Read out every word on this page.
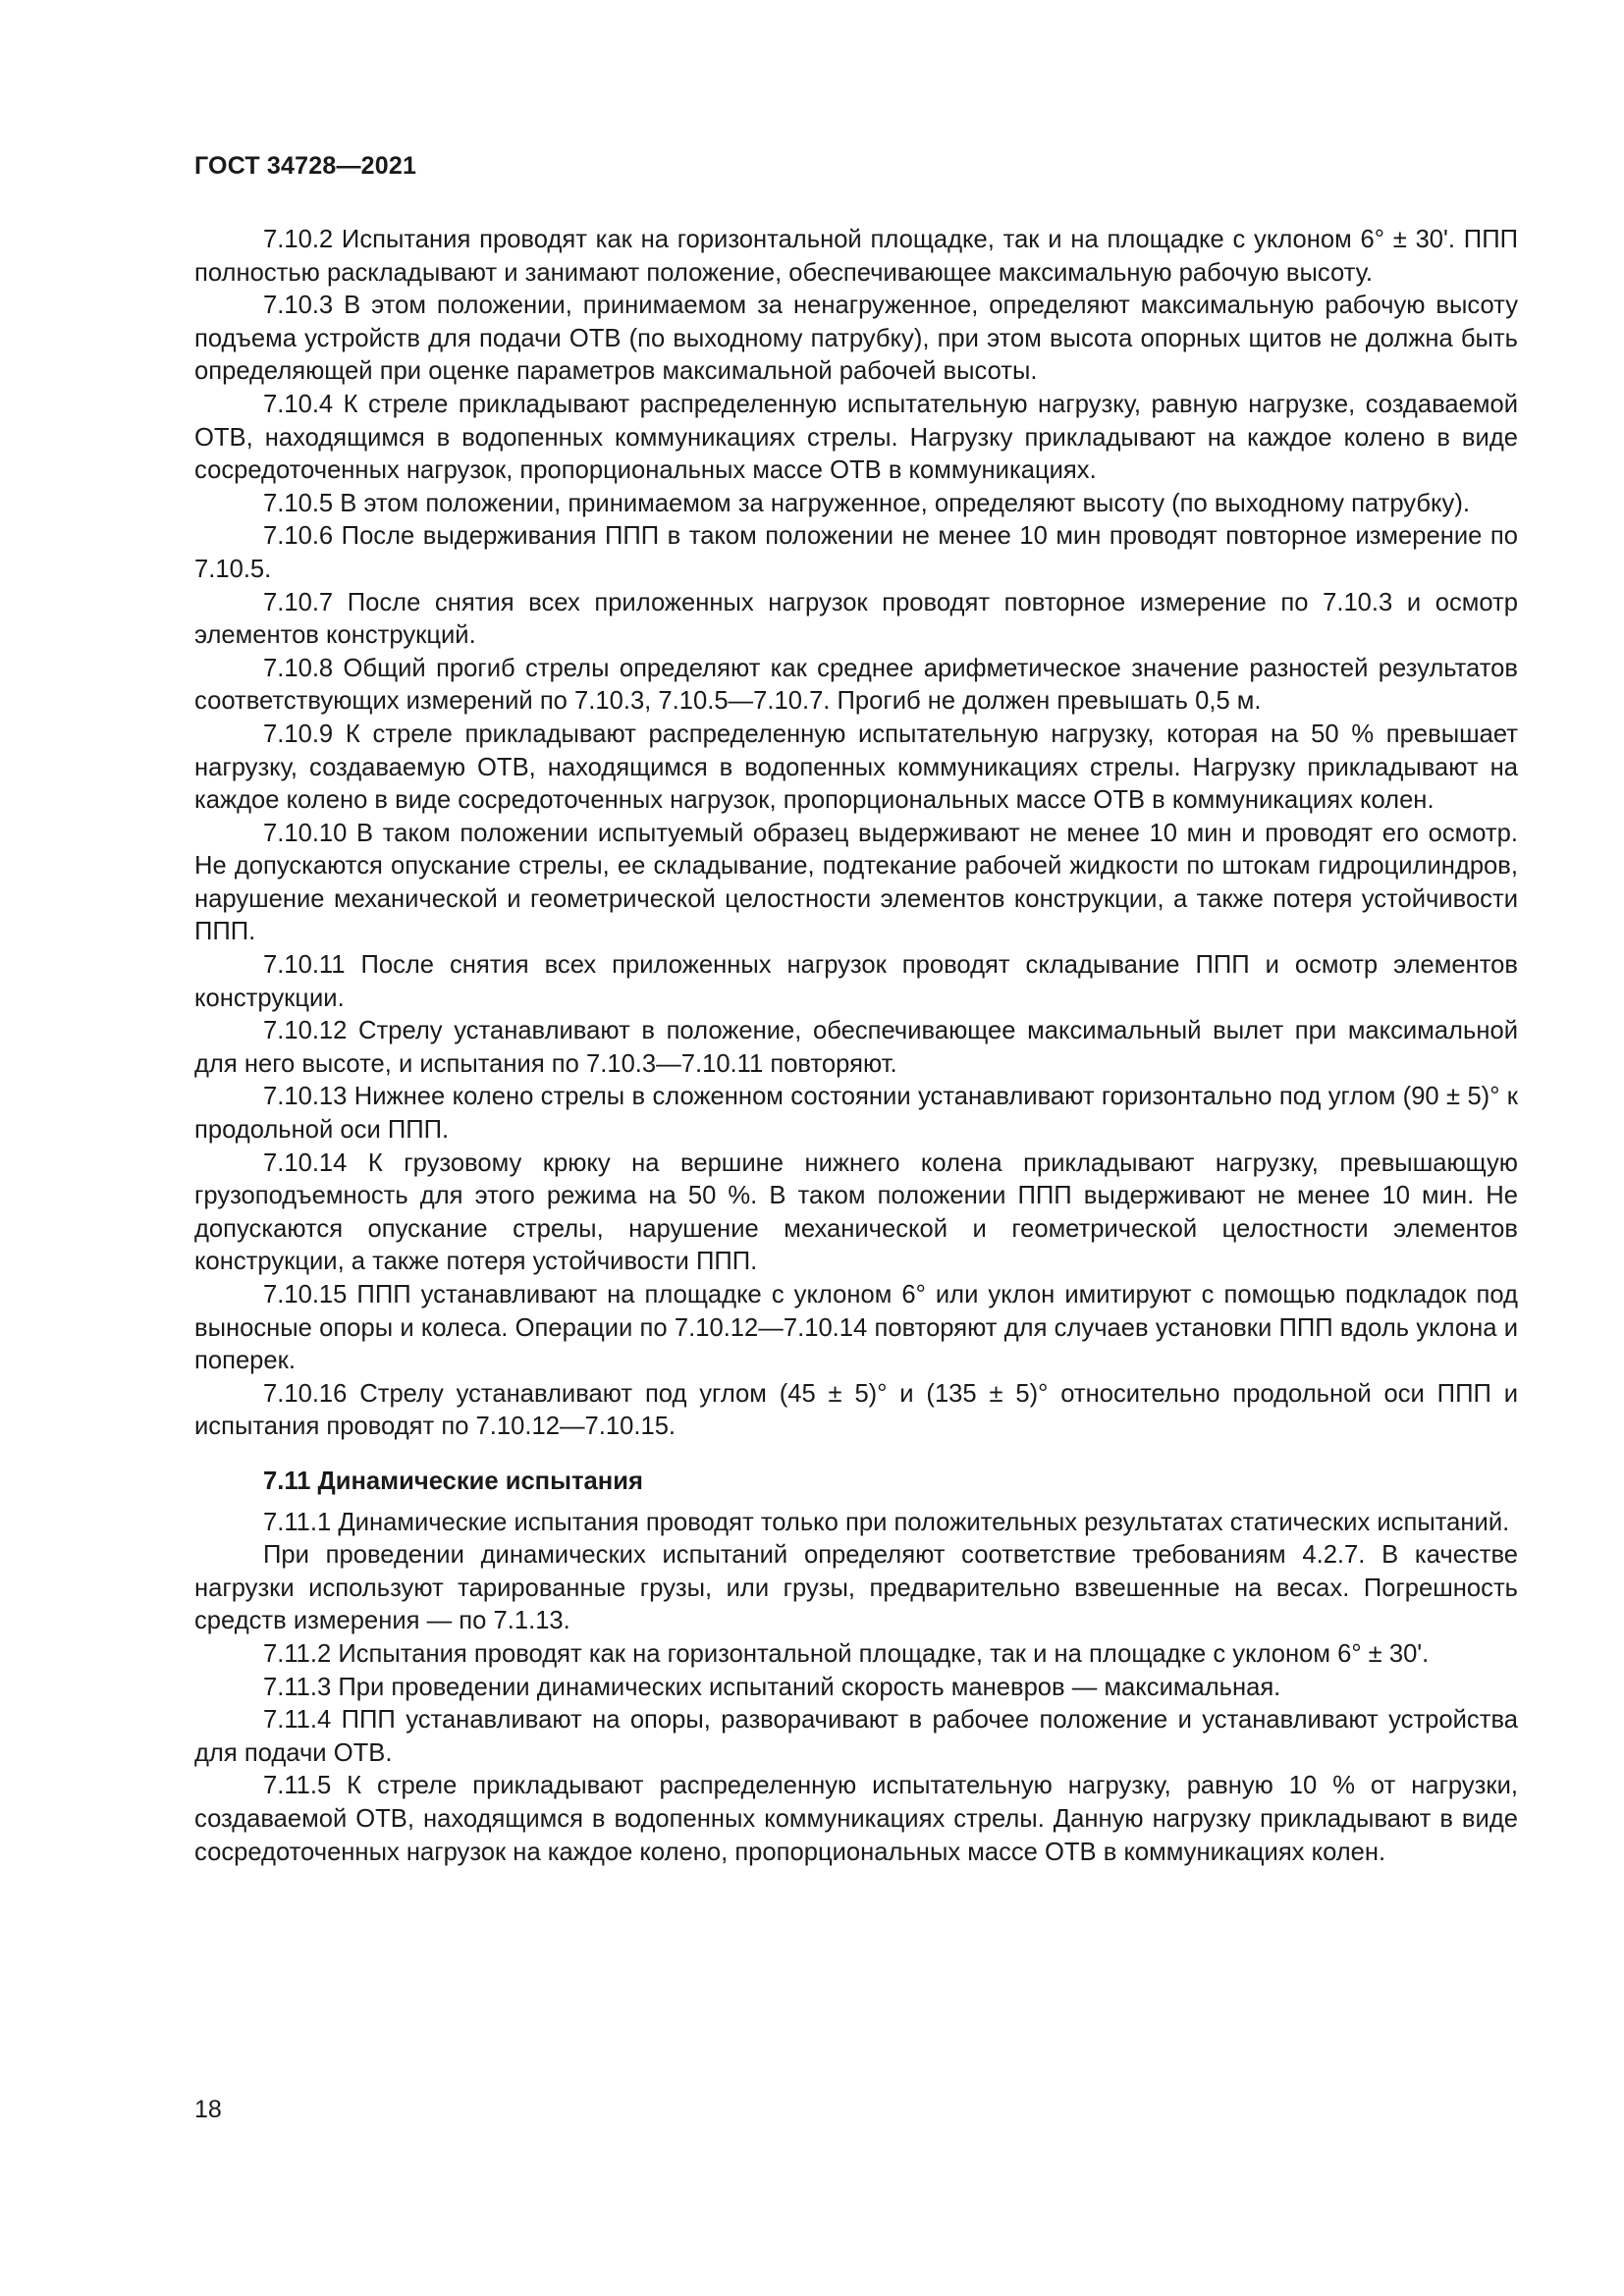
ГОСТ 34728—2021

7.10.2 Испытания проводят как на горизонтальной площадке, так и на площадке с уклоном 6° ± 30'. ППП полностью раскладывают и занимают положение, обеспечивающее максимальную рабочую высоту.

7.10.3 В этом положении, принимаемом за ненагруженное, определяют максимальную рабочую высоту подъема устройств для подачи ОТВ (по выходному патрубку), при этом высота опорных щитов не должна быть определяющей при оценке параметров максимальной рабочей высоты.

7.10.4 К стреле прикладывают распределенную испытательную нагрузку, равную нагрузке, создаваемой ОТВ, находящимся в водопенных коммуникациях стрелы. Нагрузку прикладывают на каждое колено в виде сосредоточенных нагрузок, пропорциональных массе ОТВ в коммуникациях.

7.10.5 В этом положении, принимаемом за нагруженное, определяют высоту (по выходному патрубку).

7.10.6 После выдерживания ППП в таком положении не менее 10 мин проводят повторное измерение по 7.10.5.

7.10.7 После снятия всех приложенных нагрузок проводят повторное измерение по 7.10.3 и осмотр элементов конструкций.

7.10.8 Общий прогиб стрелы определяют как среднее арифметическое значение разностей результатов соответствующих измерений по 7.10.3, 7.10.5—7.10.7. Прогиб не должен превышать 0,5 м.

7.10.9 К стреле прикладывают распределенную испытательную нагрузку, которая на 50 % превышает нагрузку, создаваемую ОТВ, находящимся в водопенных коммуникациях стрелы. Нагрузку прикладывают на каждое колено в виде сосредоточенных нагрузок, пропорциональных массе ОТВ в коммуникациях колен.

7.10.10 В таком положении испытуемый образец выдерживают не менее 10 мин и проводят его осмотр. Не допускаются опускание стрелы, ее складывание, подтекание рабочей жидкости по штокам гидроцилиндров, нарушение механической и геометрической целостности элементов конструкции, а также потеря устойчивости ППП.

7.10.11 После снятия всех приложенных нагрузок проводят складывание ППП и осмотр элементов конструкции.

7.10.12 Стрелу устанавливают в положение, обеспечивающее максимальный вылет при максимальной для него высоте, и испытания по 7.10.3—7.10.11 повторяют.

7.10.13 Нижнее колено стрелы в сложенном состоянии устанавливают горизонтально под углом (90 ± 5)° к продольной оси ППП.

7.10.14 К грузовому крюку на вершине нижнего колена прикладывают нагрузку, превышающую грузоподъемность для этого режима на 50 %. В таком положении ППП выдерживают не менее 10 мин. Не допускаются опускание стрелы, нарушение механической и геометрической целостности элементов конструкции, а также потеря устойчивости ППП.

7.10.15 ППП устанавливают на площадке с уклоном 6° или уклон имитируют с помощью подкладок под выносные опоры и колеса. Операции по 7.10.12—7.10.14 повторяют для случаев установки ППП вдоль уклона и поперек.

7.10.16 Стрелу устанавливают под углом (45 ± 5)° и (135 ± 5)° относительно продольной оси ППП и испытания проводят по 7.10.12—7.10.15.

7.11 Динамические испытания

7.11.1 Динамические испытания проводят только при положительных результатах статических испытаний.

При проведении динамических испытаний определяют соответствие требованиям 4.2.7. В качестве нагрузки используют тарированные грузы, или грузы, предварительно взвешенные на весах. Погрешность средств измерения — по 7.1.13.

7.11.2 Испытания проводят как на горизонтальной площадке, так и на площадке с уклоном 6° ± 30'.

7.11.3 При проведении динамических испытаний скорость маневров — максимальная.

7.11.4 ППП устанавливают на опоры, разворачивают в рабочее положение и устанавливают устройства для подачи ОТВ.

7.11.5 К стреле прикладывают распределенную испытательную нагрузку, равную 10 % от нагрузки, создаваемой ОТВ, находящимся в водопенных коммуникациях стрелы. Данную нагрузку прикладывают в виде сосредоточенных нагрузок на каждое колено, пропорциональных массе ОТВ в коммуникациях колен.

18
